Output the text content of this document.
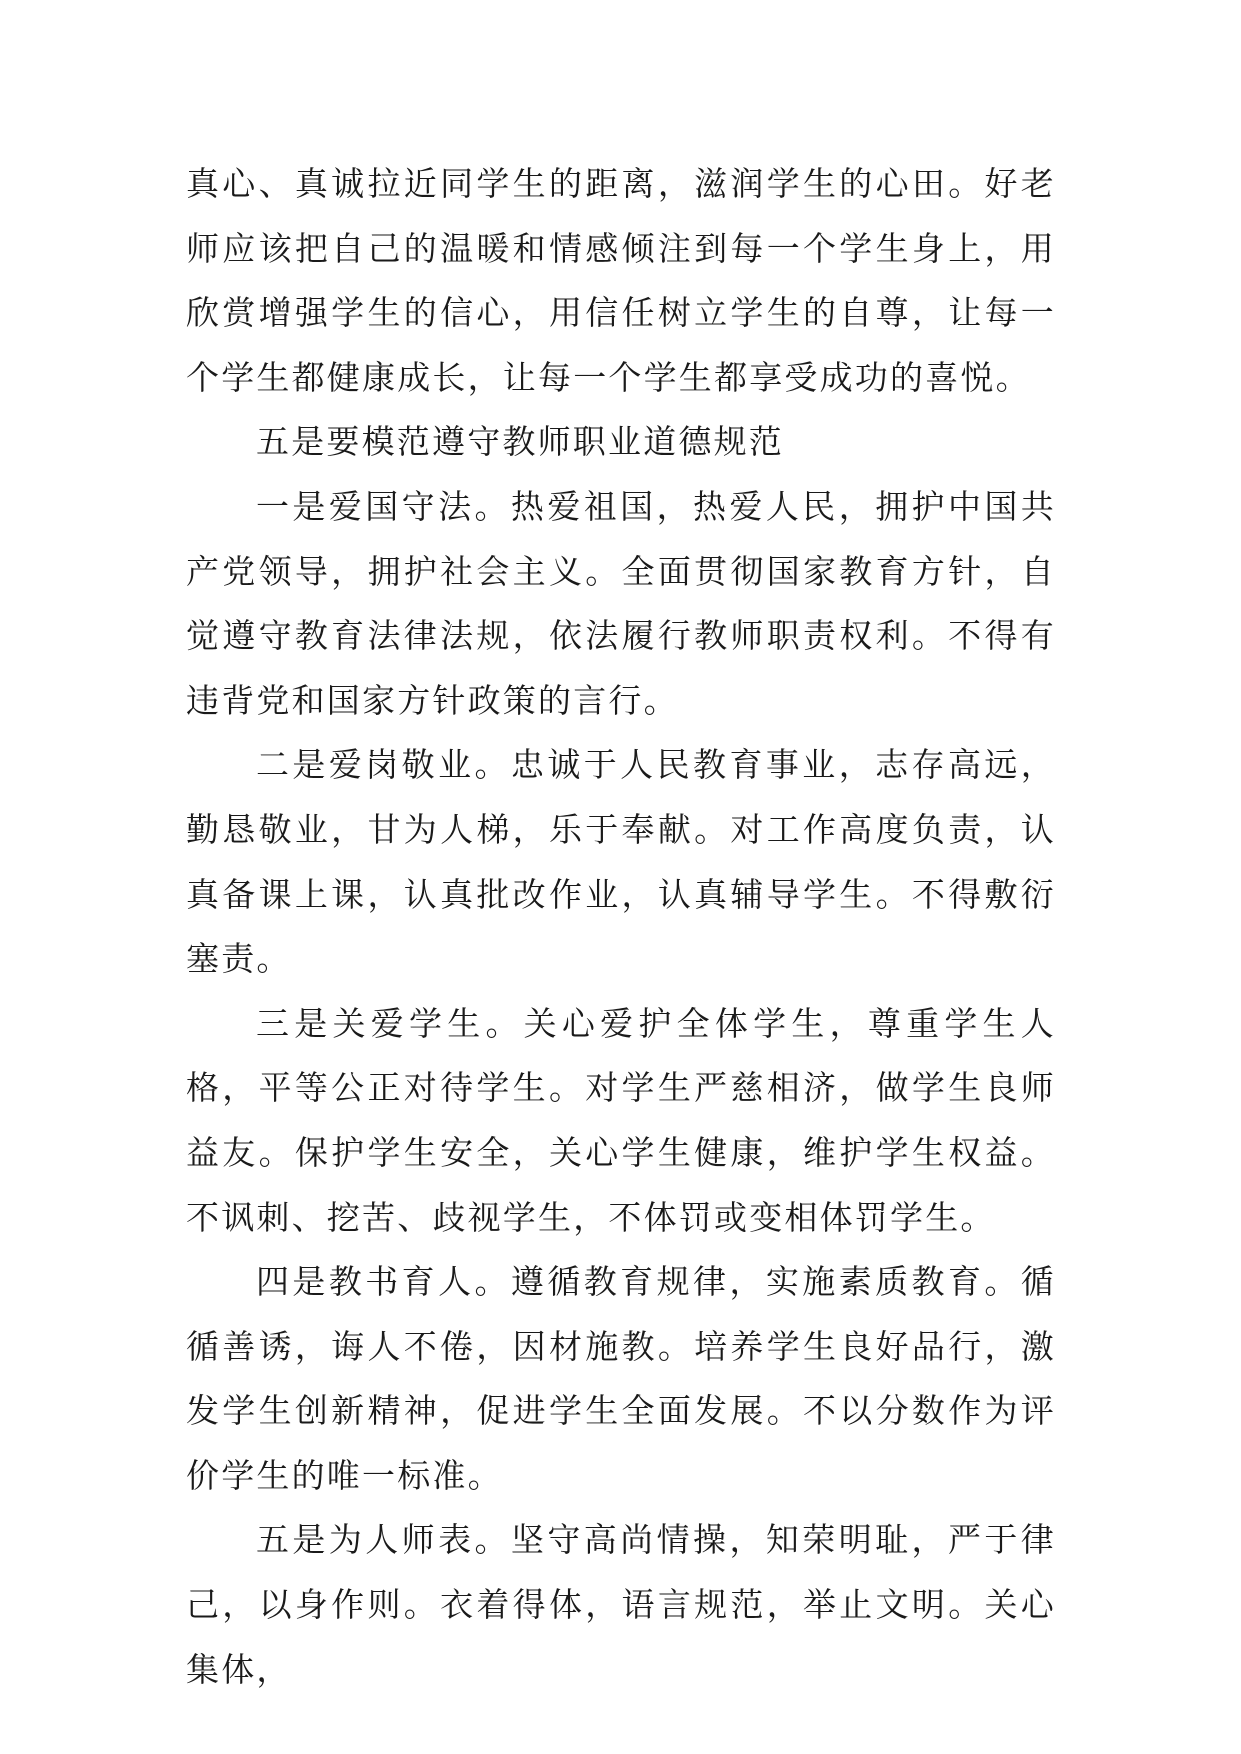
真心、真诚拉近同学生的距离，滋润学生的心田。好老师应该把自己的温暖和情感倾注到每一个学生身上，用欣赏增强学生的信心，用信任树立学生的自尊，让每一个学生都健康成长，让每一个学生都享受成功的喜悦。

五是要模范遵守教师职业道德规范

一是爱国守法。热爱祖国，热爱人民，拥护中国共产党领导，拥护社会主义。全面贯彻国家教育方针，自觉遵守教育法律法规，依法履行教师职责权利。不得有违背党和国家方针政策的言行。

二是爱岗敬业。忠诚于人民教育事业，志存高远，勤恳敬业，甘为人梯，乐于奉献。对工作高度负责，认真备课上课，认真批改作业，认真辅导学生。不得敷衍塞责。

三是关爱学生。关心爱护全体学生，尊重学生人格，平等公正对待学生。对学生严慈相济，做学生良师益友。保护学生安全，关心学生健康，维护学生权益。不讽刺、挖苦、歧视学生，不体罚或变相体罚学生。

四是教书育人。遵循教育规律，实施素质教育。循循善诱，诲人不倦，因材施教。培养学生良好品行，激发学生创新精神，促进学生全面发展。不以分数作为评价学生的唯一标准。

五是为人师表。坚守高尚情操，知荣明耻，严于律己，以身作则。衣着得体，语言规范，举止文明。关心集体，
